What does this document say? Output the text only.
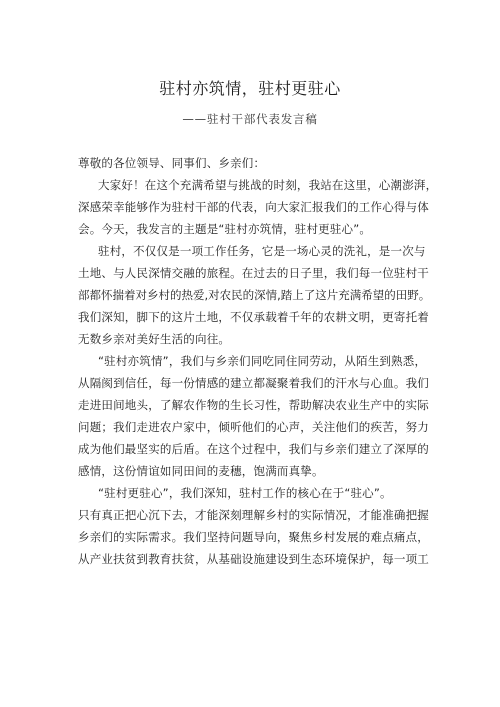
驻村亦筑情，驻村更驻心
——驻村干部代表发言稿
尊敬的各位领导、同事们、乡亲们：
大家好！在这个充满希望与挑战的时刻，我站在这里，心潮澎湃，
深感荣幸能够作为驻村干部的代表，向大家汇报我们的工作心得与体
会。今天，我发言的主题是“驻村亦筑情，驻村更驻心”。
驻村，不仅仅是一项工作任务，它是一场心灵的洗礼，是一次与
土地、与人民深情交融的旅程。在过去的日子里，我们每一位驻村干
部都怀揣着对乡村的热爱,对农民的深情,踏上了这片充满希望的田野。
我们深知，脚下的这片土地，不仅承载着千年的农耕文明，更寄托着
无数乡亲对美好生活的向往。
“驻村亦筑情”，我们与乡亲们同吃同住同劳动，从陌生到熟悉，
从隔阂到信任，每一份情感的建立都凝聚着我们的汗水与心血。我们
走进田间地头，了解农作物的生长习性，帮助解决农业生产中的实际
问题；我们走进农户家中，倾听他们的心声，关注他们的疾苦，努力
成为他们最坚实的后盾。在这个过程中，我们与乡亲们建立了深厚的
感情，这份情谊如同田间的麦穗，饱满而真挚。
“驻村更驻心”，我们深知，驻村工作的核心在于“驻心”。
只有真正把心沉下去，才能深刻理解乡村的实际情况，才能准确把握
乡亲们的实际需求。我们坚持问题导向，聚焦乡村发展的难点痛点，
从产业扶贫到教育扶贫，从基础设施建设到生态环境保护，每一项工
